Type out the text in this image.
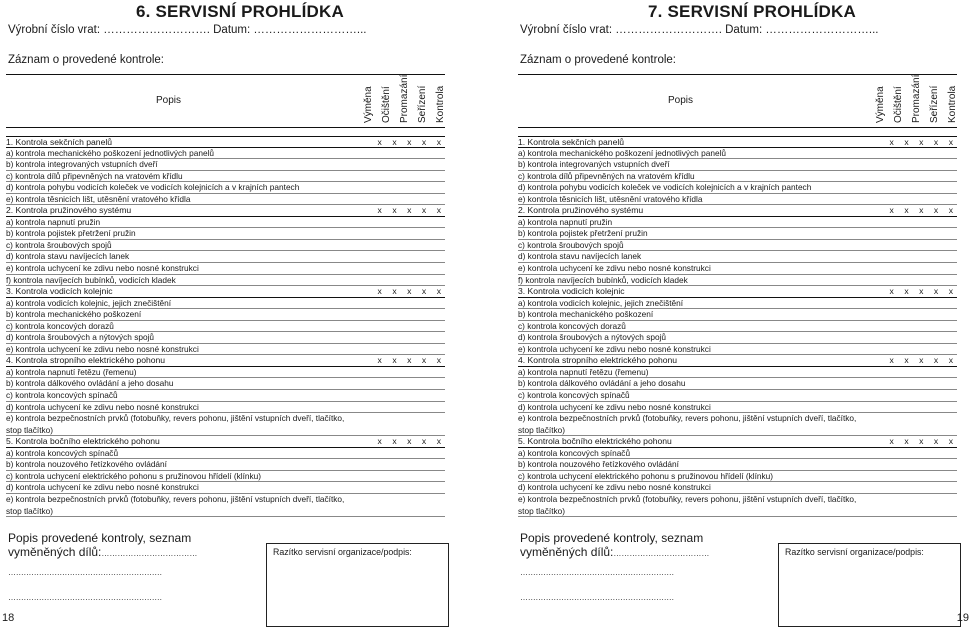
6. SERVISNÍ PROHLÍDKA
Výrobní číslo vrat: ………………………. Datum: ………………………...
Záznam o provedené kontrole:
Popis	Výměna Očištění Promazání Seřízení Kontrola
1. Kontrola sekčních panelů	x x x x x
a) kontrola mechanického poškození jednotlivých panelů
b) kontrola integrovaných vstupních dveří
c) kontrola dílů připevněných na vratovém křídlu
d) kontrola pohybu vodicích koleček ve vodicích kolejnicích a v krajních pantech
e) kontrola těsnicích lišt, utěsnění vratového křídla
2. Kontrola pružinového systému	x x x x x
a) kontrola napnutí pružin
b) kontrola pojistek přetržení pružin
c) kontrola šroubových spojů
d) kontrola stavu navíjecích lanek
e) kontrola uchycení ke zdivu nebo nosné konstrukci
f) kontrola navíjecích bubínků, vodicích kladek
3. Kontrola vodicích kolejnic	x x x x x
a) kontrola vodicích kolejnic, jejich znečištění
b) kontrola mechanického poškození
c) kontrola koncových dorazů
d) kontrola šroubových a nýtových spojů
e) kontrola uchycení ke zdivu nebo nosné konstrukci
4. Kontrola stropního elektrického pohonu	x x x x x
a) kontrola napnutí řetězu (řemenu)
b) kontrola dálkového ovládání a jeho dosahu
c) kontrola koncových spínačů
d) kontrola uchycení ke zdivu nebo nosné konstrukci
e) kontrola bezpečnostních prvků (fotobuňky, revers pohonu, jištění vstupních dveří, tlačítko, stop tlačítko)
5. Kontrola bočního elektrického pohonu	x x x x x
a) kontrola koncových spínačů
b) kontrola nouzového řetízkového ovládání
c) kontrola uchycení elektrického pohonu s pružinovou hřídelí (klínku)
d) kontrola uchycení ke zdivu nebo nosné konstrukci
e) kontrola bezpečnostních prvků (fotobuňky, revers pohonu, jištění vstupních dveří, tlačítko, stop tlačítko)
Popis provedené kontroly, seznam
vyměněných dílů:………………………………
……………………………………………………
……………………………………………………
Razítko servisní organizace/podpis:
18
7. SERVISNÍ PROHLÍDKA
Výrobní číslo vrat: ………………………. Datum: ………………………...
Záznam o provedené kontrole:
Popis	Výměna Očištění Promazání Seřízení Kontrola
1. Kontrola sekčních panelů	x x x x x
a) kontrola mechanického poškození jednotlivých panelů
b) kontrola integrovaných vstupních dveří
c) kontrola dílů připevněných na vratovém křídlu
d) kontrola pohybu vodicích koleček ve vodicích kolejnicích a v krajních pantech
e) kontrola těsnicích lišt, utěsnění vratového křídla
2. Kontrola pružinového systému	x x x x x
a) kontrola napnutí pružin
b) kontrola pojistek přetržení pružin
c) kontrola šroubových spojů
d) kontrola stavu navíjecích lanek
e) kontrola uchycení ke zdivu nebo nosné konstrukci
f) kontrola navíjecích bubínků, vodicích kladek
3. Kontrola vodicích kolejnic	x x x x x
a) kontrola vodicích kolejnic, jejich znečištění
b) kontrola mechanického poškození
c) kontrola koncových dorazů
d) kontrola šroubových a nýtových spojů
e) kontrola uchycení ke zdivu nebo nosné konstrukci
4. Kontrola stropního elektrického pohonu	x x x x x
a) kontrola napnutí řetězu (řemenu)
b) kontrola dálkového ovládání a jeho dosahu
c) kontrola koncových spínačů
d) kontrola uchycení ke zdivu nebo nosné konstrukci
e) kontrola bezpečnostních prvků (fotobuňky, revers pohonu, jištění vstupních dveří, tlačítko, stop tlačítko)
5. Kontrola bočního elektrického pohonu	x x x x x
a) kontrola koncových spínačů
b) kontrola nouzového řetízkového ovládání
c) kontrola uchycení elektrického pohonu s pružinovou hřídelí (klínku)
d) kontrola uchycení ke zdivu nebo nosné konstrukci
e) kontrola bezpečnostních prvků (fotobuňky, revers pohonu, jištění vstupních dveří, tlačítko, stop tlačítko)
Popis provedené kontroly, seznam
vyměněných dílů:………………………………
……………………………………………………
……………………………………………………
Razítko servisní organizace/podpis:
19
